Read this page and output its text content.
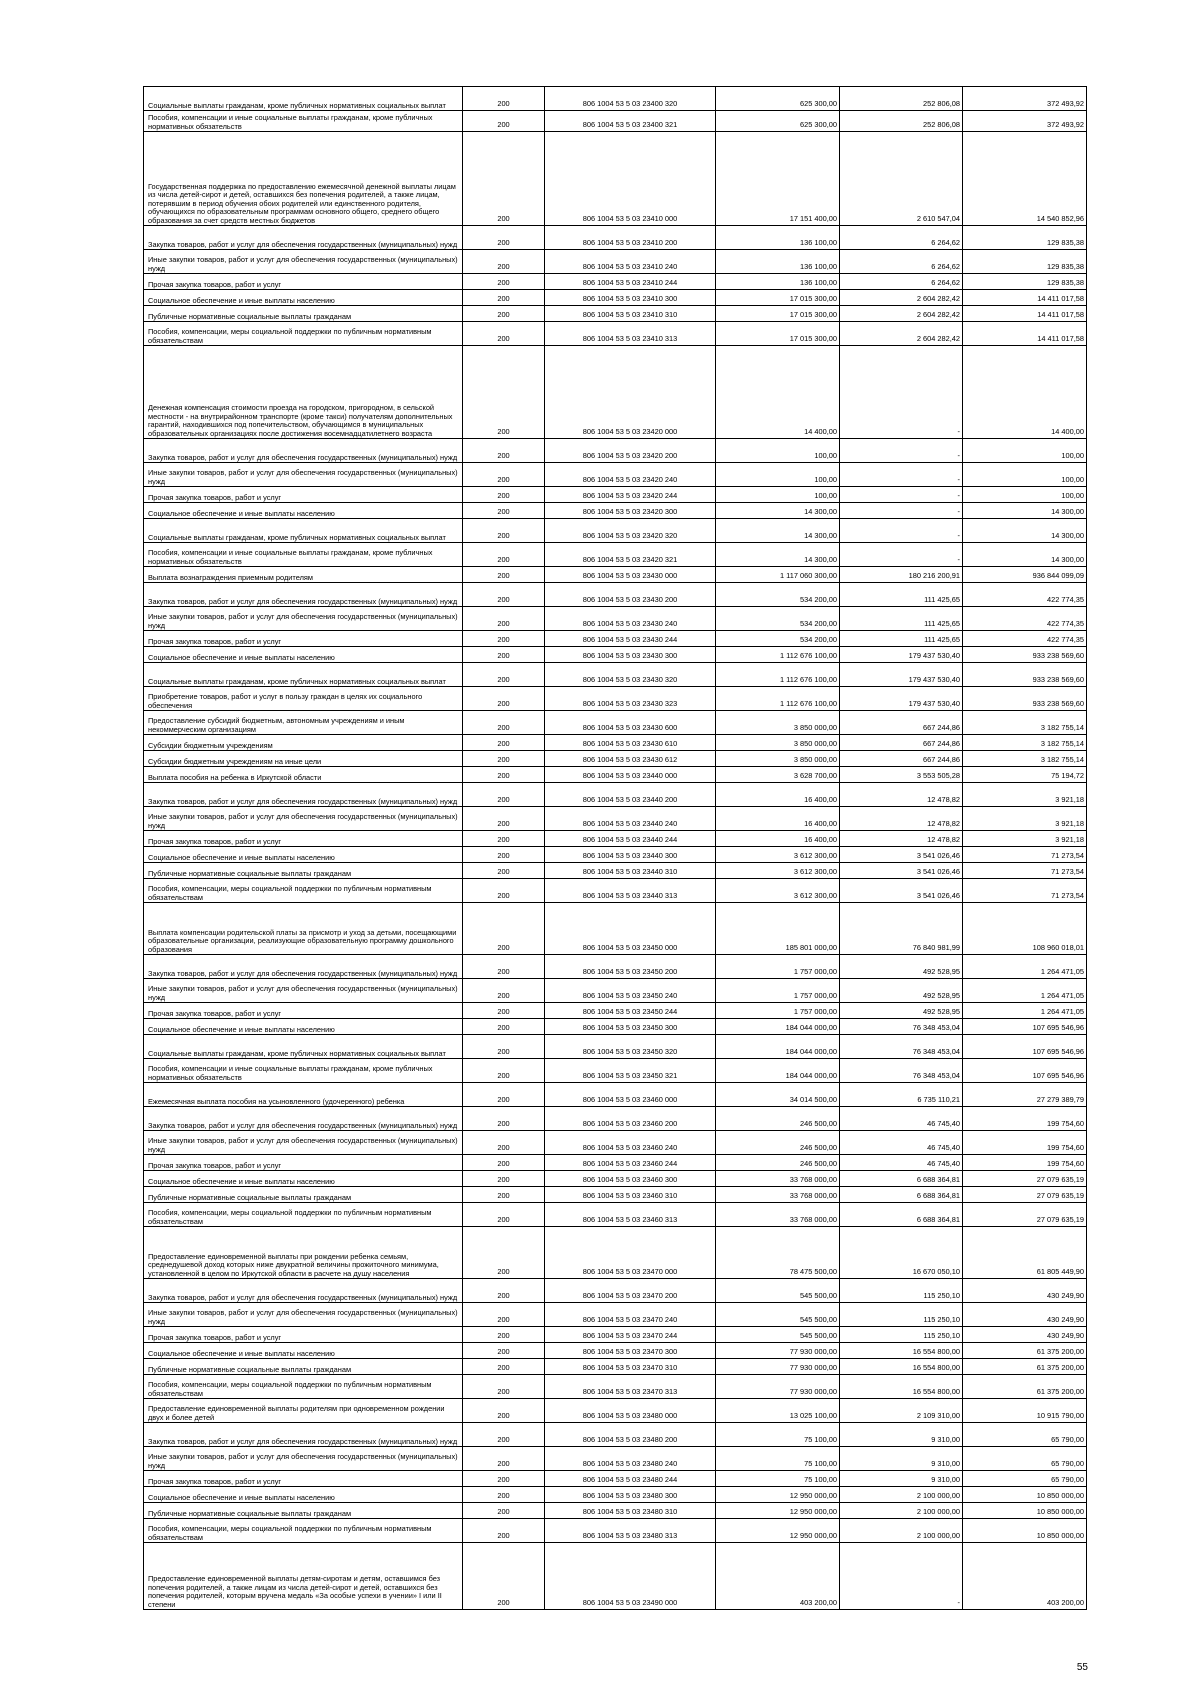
Социальные выплаты гражданам, кроме публичных нормативных социальных выплат	200	806 1004 53 5 03 23400 320	625 300,00	252 806,08	372 493,92
Пособия, компенсации и иные социальные выплаты гражданам, кроме публичных нормативных обязательств	200	806 1004 53 5 03 23400 321	625 300,00	252 806,08	372 493,92
Государственная поддержка по предоставлению ежемесячной денежной выплаты лицам из числа детей-сирот и детей, оставшихся без попечения родителей, а также лицам, потерявшим в период обучения обоих родителей или единственного родителя, обучающихся по образовательным программам основного общего, среднего общего образования за счет средств местных бюджетов	200	806 1004 53 5 03 23410 000	17 151 400,00	2 610 547,04	14 540 852,96
Закупка товаров, работ и услуг для обеспечения государственных (муниципальных) нужд	200	806 1004 53 5 03 23410 200	136 100,00	6 264,62	129 835,38
Иные закупки товаров, работ и услуг для обеспечения государственных (муниципальных) нужд	200	806 1004 53 5 03 23410 240	136 100,00	6 264,62	129 835,38
Прочая закупка товаров, работ и услуг	200	806 1004 53 5 03 23410 244	136 100,00	6 264,62	129 835,38
Социальное обеспечение и иные выплаты населению	200	806 1004 53 5 03 23410 300	17 015 300,00	2 604 282,42	14 411 017,58
Публичные нормативные социальные выплаты гражданам	200	806 1004 53 5 03 23410 310	17 015 300,00	2 604 282,42	14 411 017,58
Пособия, компенсации, меры социальной поддержки по публичным нормативным обязательствам	200	806 1004 53 5 03 23410 313	17 015 300,00	2 604 282,42	14 411 017,58
Денежная компенсация стоимости проезда на городском, пригородном, в сельской местности - на внутрирайонном транспорте (кроме такси) получателям дополнительных гарантий, находившихся под попечительством, обучающимся в муниципальных образовательных организациях после достижения восемнадцатилетнего возраста	200	806 1004 53 5 03 23420 000	14 400,00	-	14 400,00
Закупка товаров, работ и услуг для обеспечения государственных (муниципальных) нужд	200	806 1004 53 5 03 23420 200	100,00	-	100,00
Иные закупки товаров, работ и услуг для обеспечения государственных (муниципальных) нужд	200	806 1004 53 5 03 23420 240	100,00	-	100,00
Прочая закупка товаров, работ и услуг	200	806 1004 53 5 03 23420 244	100,00	-	100,00
Социальное обеспечение и иные выплаты населению	200	806 1004 53 5 03 23420 300	14 300,00	-	14 300,00
Социальные выплаты гражданам, кроме публичных нормативных социальных выплат	200	806 1004 53 5 03 23420 320	14 300,00	-	14 300,00
Пособия, компенсации и иные социальные выплаты гражданам, кроме публичных нормативных обязательств	200	806 1004 53 5 03 23420 321	14 300,00	-	14 300,00
Выплата вознаграждения приемным родителям	200	806 1004 53 5 03 23430 000	1 117 060 300,00	180 216 200,91	936 844 099,09
Закупка товаров, работ и услуг для обеспечения государственных (муниципальных) нужд	200	806 1004 53 5 03 23430 200	534 200,00	111 425,65	422 774,35
Иные закупки товаров, работ и услуг для обеспечения государственных (муниципальных) нужд	200	806 1004 53 5 03 23430 240	534 200,00	111 425,65	422 774,35
Прочая закупка товаров, работ и услуг	200	806 1004 53 5 03 23430 244	534 200,00	111 425,65	422 774,35
Социальное обеспечение и иные выплаты населению	200	806 1004 53 5 03 23430 300	1 112 676 100,00	179 437 530,40	933 238 569,60
Социальные выплаты гражданам, кроме публичных нормативных социальных выплат	200	806 1004 53 5 03 23430 320	1 112 676 100,00	179 437 530,40	933 238 569,60
Приобретение товаров, работ и услуг в пользу граждан в целях их социального обеспечения	200	806 1004 53 5 03 23430 323	1 112 676 100,00	179 437 530,40	933 238 569,60
Предоставление субсидий бюджетным, автономным учреждениям и иным некоммерческим организациям	200	806 1004 53 5 03 23430 600	3 850 000,00	667 244,86	3 182 755,14
Субсидии бюджетным учреждениям	200	806 1004 53 5 03 23430 610	3 850 000,00	667 244,86	3 182 755,14
Субсидии бюджетным учреждениям на иные цели	200	806 1004 53 5 03 23430 612	3 850 000,00	667 244,86	3 182 755,14
Выплата пособия на ребенка в Иркутской области	200	806 1004 53 5 03 23440 000	3 628 700,00	3 553 505,28	75 194,72
Закупка товаров, работ и услуг для обеспечения государственных (муниципальных) нужд	200	806 1004 53 5 03 23440 200	16 400,00	12 478,82	3 921,18
Иные закупки товаров, работ и услуг для обеспечения государственных (муниципальных) нужд	200	806 1004 53 5 03 23440 240	16 400,00	12 478,82	3 921,18
Прочая закупка товаров, работ и услуг	200	806 1004 53 5 03 23440 244	16 400,00	12 478,82	3 921,18
Социальное обеспечение и иные выплаты населению	200	806 1004 53 5 03 23440 300	3 612 300,00	3 541 026,46	71 273,54
Публичные нормативные социальные выплаты гражданам	200	806 1004 53 5 03 23440 310	3 612 300,00	3 541 026,46	71 273,54
Пособия, компенсации, меры социальной поддержки по публичным нормативным обязательствам	200	806 1004 53 5 03 23440 313	3 612 300,00	3 541 026,46	71 273,54
Выплата компенсации родительской платы за присмотр и уход за детьми, посещающими образовательные организации, реализующие образовательную программу дошкольного образования	200	806 1004 53 5 03 23450 000	185 801 000,00	76 840 981,99	108 960 018,01
Закупка товаров, работ и услуг для обеспечения государственных (муниципальных) нужд	200	806 1004 53 5 03 23450 200	1 757 000,00	492 528,95	1 264 471,05
Иные закупки товаров, работ и услуг для обеспечения государственных (муниципальных) нужд	200	806 1004 53 5 03 23450 240	1 757 000,00	492 528,95	1 264 471,05
Прочая закупка товаров, работ и услуг	200	806 1004 53 5 03 23450 244	1 757 000,00	492 528,95	1 264 471,05
Социальное обеспечение и иные выплаты населению	200	806 1004 53 5 03 23450 300	184 044 000,00	76 348 453,04	107 695 546,96
Социальные выплаты гражданам, кроме публичных нормативных социальных выплат	200	806 1004 53 5 03 23450 320	184 044 000,00	76 348 453,04	107 695 546,96
Пособия, компенсации и иные социальные выплаты гражданам, кроме публичных нормативных обязательств	200	806 1004 53 5 03 23450 321	184 044 000,00	76 348 453,04	107 695 546,96
Ежемесячная выплата пособия на усыновленного (удочеренного) ребенка	200	806 1004 53 5 03 23460 000	34 014 500,00	6 735 110,21	27 279 389,79
Закупка товаров, работ и услуг для обеспечения государственных (муниципальных) нужд	200	806 1004 53 5 03 23460 200	246 500,00	46 745,40	199 754,60
Иные закупки товаров, работ и услуг для обеспечения государственных (муниципальных) нужд	200	806 1004 53 5 03 23460 240	246 500,00	46 745,40	199 754,60
Прочая закупка товаров, работ и услуг	200	806 1004 53 5 03 23460 244	246 500,00	46 745,40	199 754,60
Социальное обеспечение и иные выплаты населению	200	806 1004 53 5 03 23460 300	33 768 000,00	6 688 364,81	27 079 635,19
Публичные нормативные социальные выплаты гражданам	200	806 1004 53 5 03 23460 310	33 768 000,00	6 688 364,81	27 079 635,19
Пособия, компенсации, меры социальной поддержки по публичным нормативным обязательствам	200	806 1004 53 5 03 23460 313	33 768 000,00	6 688 364,81	27 079 635,19
Предоставление единовременной выплаты при рождении ребенка семьям, среднедушевой доход которых ниже двукратной величины прожиточного минимума, установленной в целом по Иркутской области в расчете на душу населения	200	806 1004 53 5 03 23470 000	78 475 500,00	16 670 050,10	61 805 449,90
Закупка товаров, работ и услуг для обеспечения государственных (муниципальных) нужд	200	806 1004 53 5 03 23470 200	545 500,00	115 250,10	430 249,90
Иные закупки товаров, работ и услуг для обеспечения государственных (муниципальных) нужд	200	806 1004 53 5 03 23470 240	545 500,00	115 250,10	430 249,90
Прочая закупка товаров, работ и услуг	200	806 1004 53 5 03 23470 244	545 500,00	115 250,10	430 249,90
Социальное обеспечение и иные выплаты населению	200	806 1004 53 5 03 23470 300	77 930 000,00	16 554 800,00	61 375 200,00
Публичные нормативные социальные выплаты гражданам	200	806 1004 53 5 03 23470 310	77 930 000,00	16 554 800,00	61 375 200,00
Пособия, компенсации, меры социальной поддержки по публичным нормативным обязательствам	200	806 1004 53 5 03 23470 313	77 930 000,00	16 554 800,00	61 375 200,00
Предоставление единовременной выплаты родителям при одновременном рождении двух и более детей	200	806 1004 53 5 03 23480 000	13 025 100,00	2 109 310,00	10 915 790,00
Закупка товаров, работ и услуг для обеспечения государственных (муниципальных) нужд	200	806 1004 53 5 03 23480 200	75 100,00	9 310,00	65 790,00
Иные закупки товаров, работ и услуг для обеспечения государственных (муниципальных) нужд	200	806 1004 53 5 03 23480 240	75 100,00	9 310,00	65 790,00
Прочая закупка товаров, работ и услуг	200	806 1004 53 5 03 23480 244	75 100,00	9 310,00	65 790,00
Социальное обеспечение и иные выплаты населению	200	806 1004 53 5 03 23480 300	12 950 000,00	2 100 000,00	10 850 000,00
Публичные нормативные социальные выплаты гражданам	200	806 1004 53 5 03 23480 310	12 950 000,00	2 100 000,00	10 850 000,00
Пособия, компенсации, меры социальной поддержки по публичным нормативным обязательствам	200	806 1004 53 5 03 23480 313	12 950 000,00	2 100 000,00	10 850 000,00
Предоставление единовременной выплаты детям-сиротам и детям, оставшимся без попечения родителей, а также лицам из числа детей-сирот и детей, оставшихся без попечения родителей, которым вручена медаль «За особые успехи в учении» I или II степени	200	806 1004 53 5 03 23490 000	403 200,00	-	403 200,00
55
